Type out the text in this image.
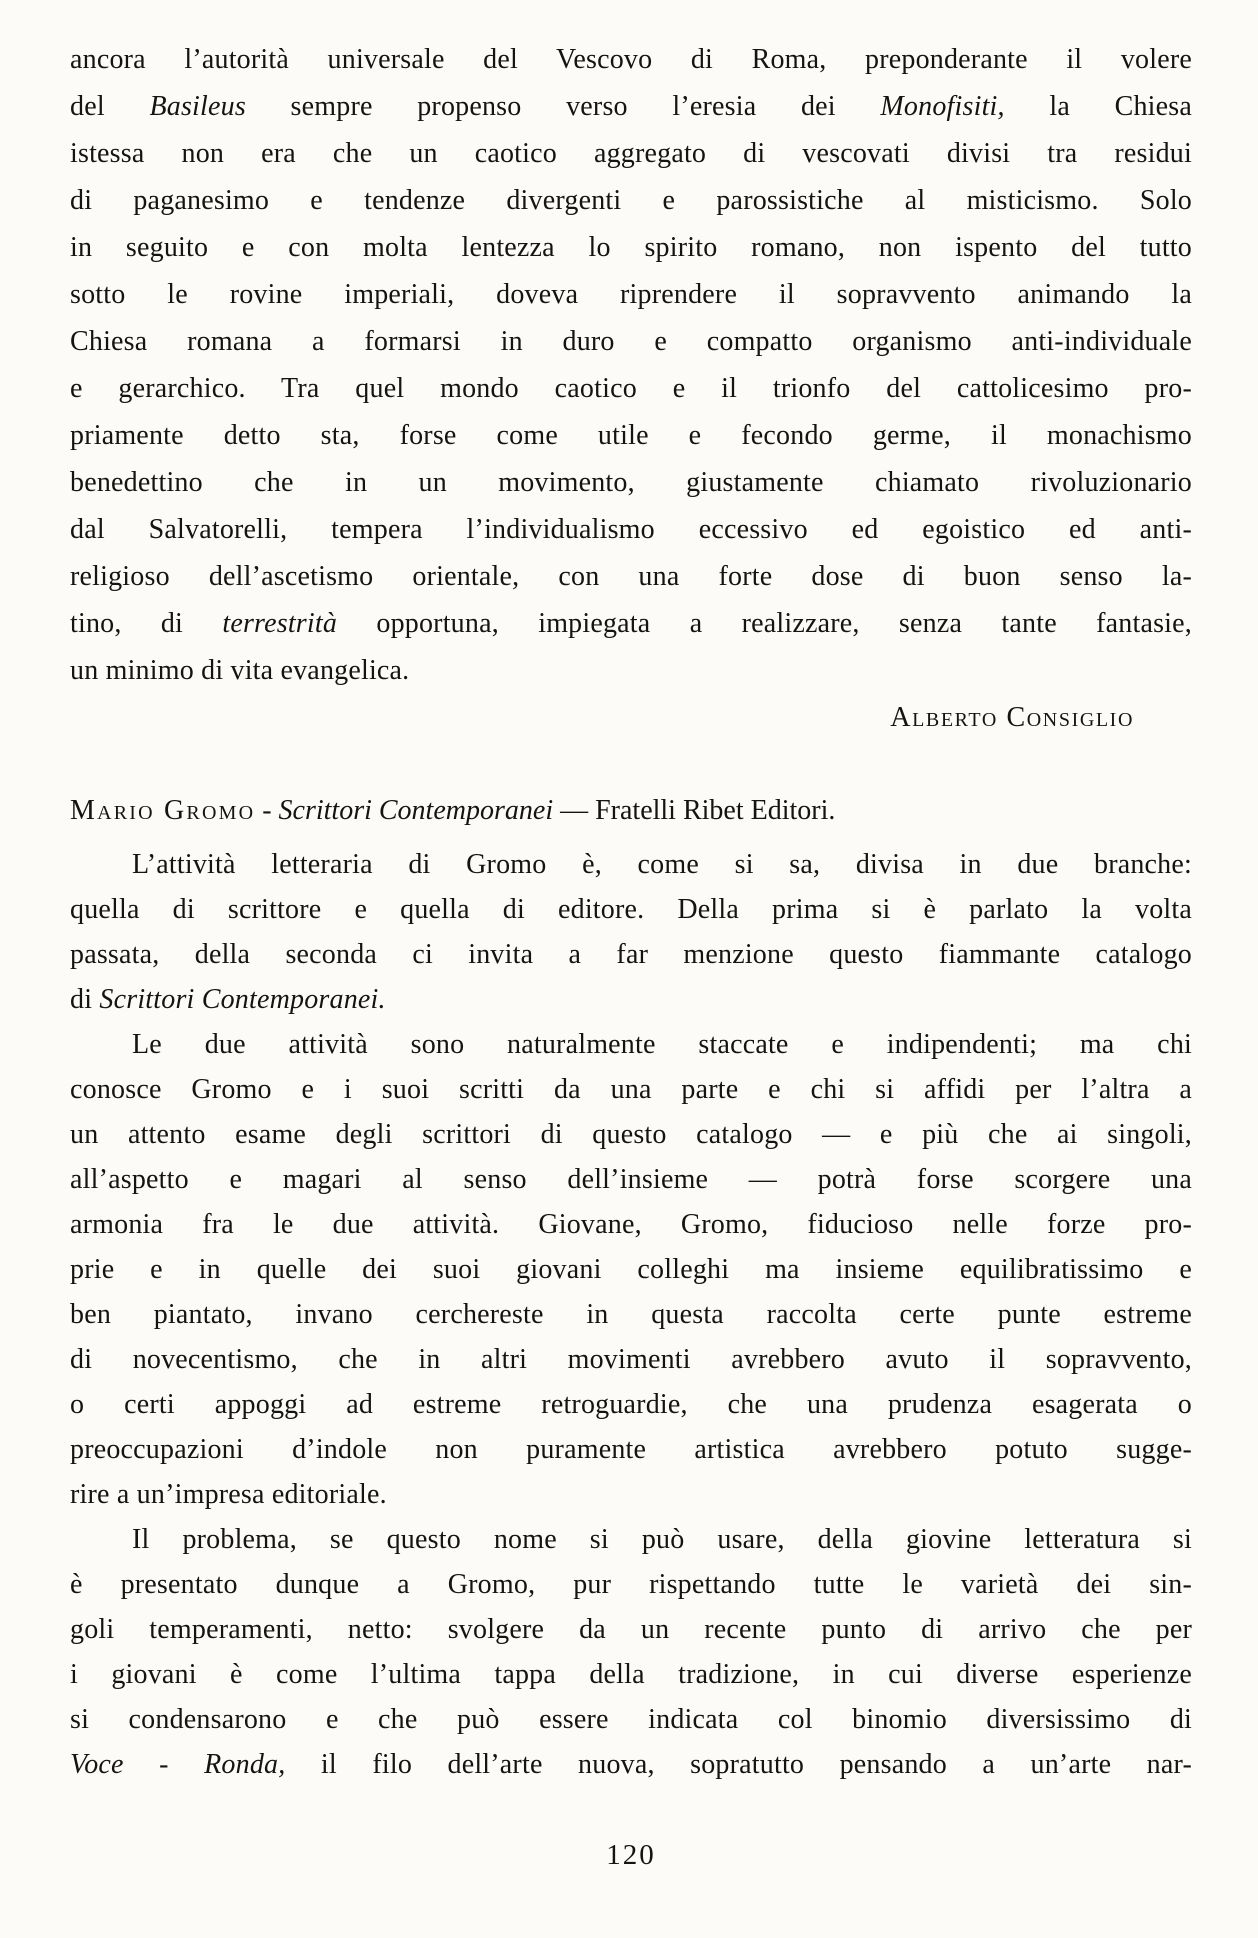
ancora l’autorità universale del Vescovo di Roma, preponderante il volere
del Basileus sempre propenso verso l’eresia dei Monofisiti, la Chiesa
istessa non era che un caotico aggregato di vescovati divisi tra residui
di paganesimo e tendenze divergenti e parossistiche al misticismo. Solo
in seguito e con molta lentezza lo spirito romano, non ispento del tutto
sotto le rovine imperiali, doveva riprendere il sopravvento animando la
Chiesa romana a formarsi in duro e compatto organismo anti-individuale
e gerarchico. Tra quel mondo caotico e il trionfo del cattolicesimo pro-
priamente detto sta, forse come utile e fecondo germe, il monachismo
benedettino che in un movimento, giustamente chiamato rivoluzionario
dal Salvatorelli, tempera l’individualismo eccessivo ed egoistico ed anti-
religioso dell’ascetismo orientale, con una forte dose di buon senso la-
tino, di terrestrità opportuna, impiegata a realizzare, senza tante fantasie,
un minimo di vita evangelica.
Alberto Consiglio
Mario Gromo - Scrittori Contemporanei — Fratelli Ribet Editori.
L’attività letteraria di Gromo è, come si sa, divisa in due branche:
quella di scrittore e quella di editore. Della prima si è parlato la volta
passata, della seconda ci invita a far menzione questo fiammante catalogo
di Scrittori Contemporanei.
Le due attività sono naturalmente staccate e indipendenti; ma chi
conosce Gromo e i suoi scritti da una parte e chi si affidi per l’altra a
un attento esame degli scrittori di questo catalogo — e più che ai singoli,
all’aspetto e magari al senso dell’insieme — potrà forse scorgere una
armonia fra le due attività. Giovane, Gromo, fiducioso nelle forze pro-
prie e in quelle dei suoi giovani colleghi ma insieme equilibratissimo e
ben piantato, invano cerchereste in questa raccolta certe punte estreme
di novecentismo, che in altri movimenti avrebbero avuto il sopravvento,
o certi appoggi ad estreme retroguardie, che una prudenza esagerata o
preoccupazioni d’indole non puramente artistica avrebbero potuto sugge-
rire a un’impresa editoriale.
Il problema, se questo nome si può usare, della giovine letteratura si
è presentato dunque a Gromo, pur rispettando tutte le varietà dei sin-
goli temperamenti, netto: svolgere da un recente punto di arrivo che per
i giovani è come l’ultima tappa della tradizione, in cui diverse esperienze
si condensarono e che può essere indicata col binomio diversissimo di
Voce - Ronda, il filo dell’arte nuova, sopratutto pensando a un’arte nar-
120
